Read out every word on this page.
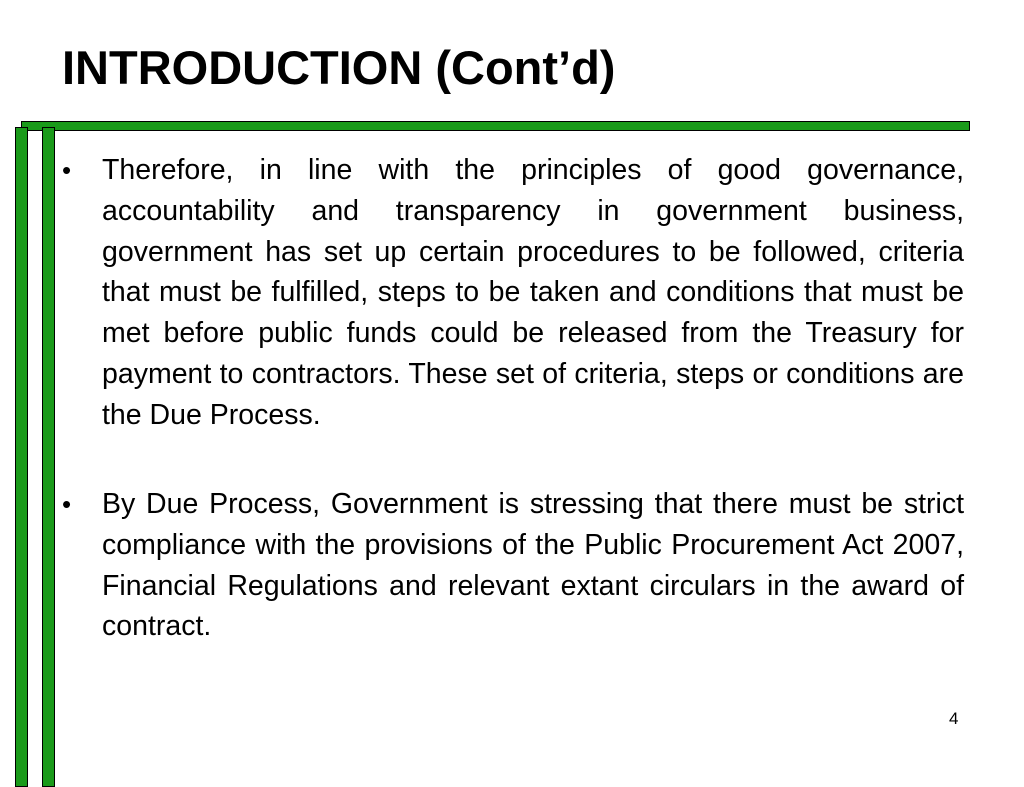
INTRODUCTION (Cont’d)
• Therefore, in line with the principles of good governance, accountability and transparency in government business, government has set up certain procedures to be followed, criteria that must be fulfilled, steps to be taken and conditions that must be met before public funds could be released from the Treasury for payment to contractors. These set of criteria, steps or conditions are the Due Process.
• By Due Process, Government is stressing that there must be strict compliance with the provisions of the Public Procurement Act 2007, Financial Regulations and relevant extant circulars in the award of contract.
4
